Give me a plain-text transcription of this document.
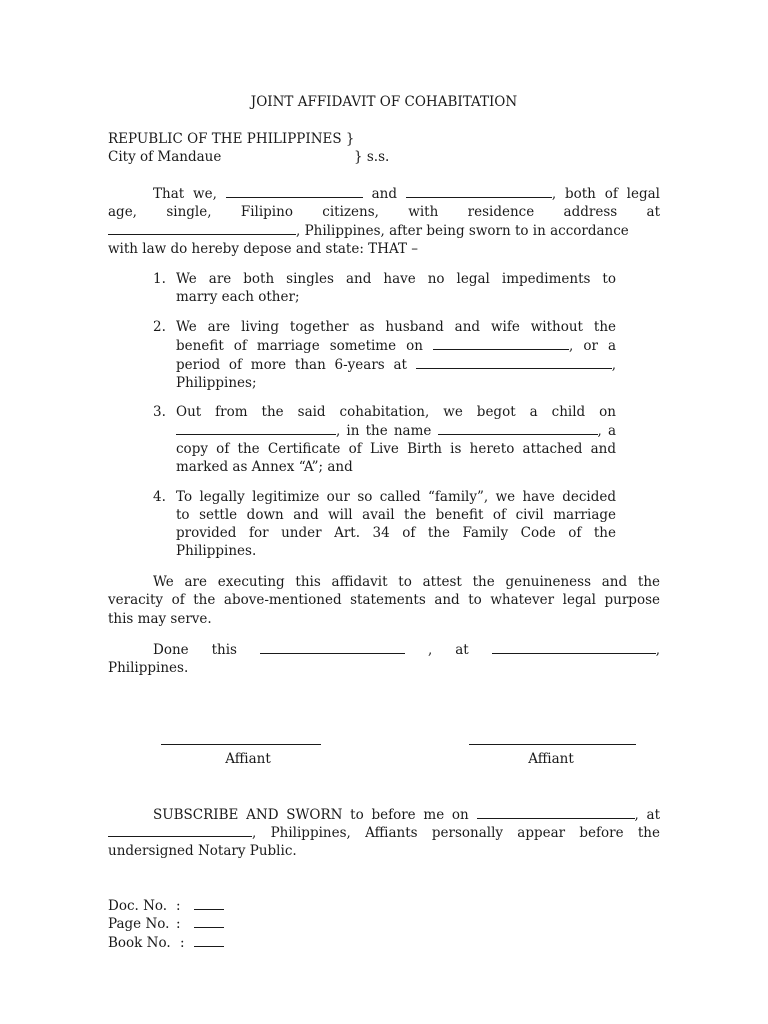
JOINT AFFIDAVIT OF COHABITATION
REPUBLIC OF THE PHILIPPINES }
City of Mandaue	} s.s.
That we,	and	, both of legal
age, single, Filipino citizens, with residence address at
, Philippines, after being sworn to in accordance
with law do hereby depose and state: THAT –
1. We are both singles and have no legal impediments to
marry each other;
2. We are living together as husband and wife without the
benefit of marriage sometime on	, or a
period of more than 6-years at	,
Philippines;
3. Out from the said cohabitation, we begot a child on
, in the name	, a
copy of the Certificate of Live Birth is hereto attached and
marked as Annex “A”; and
4. To legally legitimize our so called “family”, we have decided
to settle down and will avail the benefit of civil marriage
provided for under Art. 34 of the Family Code of the
Philippines.
We are executing this affidavit to attest the genuineness and the
veracity of the above-mentioned statements and to whatever legal purpose
this may serve.
Done this	, at	,
Philippines.
Affiant	Affiant
SUBSCRIBE AND SWORN to before me on	, at
, Philippines, Affiants personally appear before the
undersigned Notary Public.
Doc. No. :
Page No. :
Book No. :
